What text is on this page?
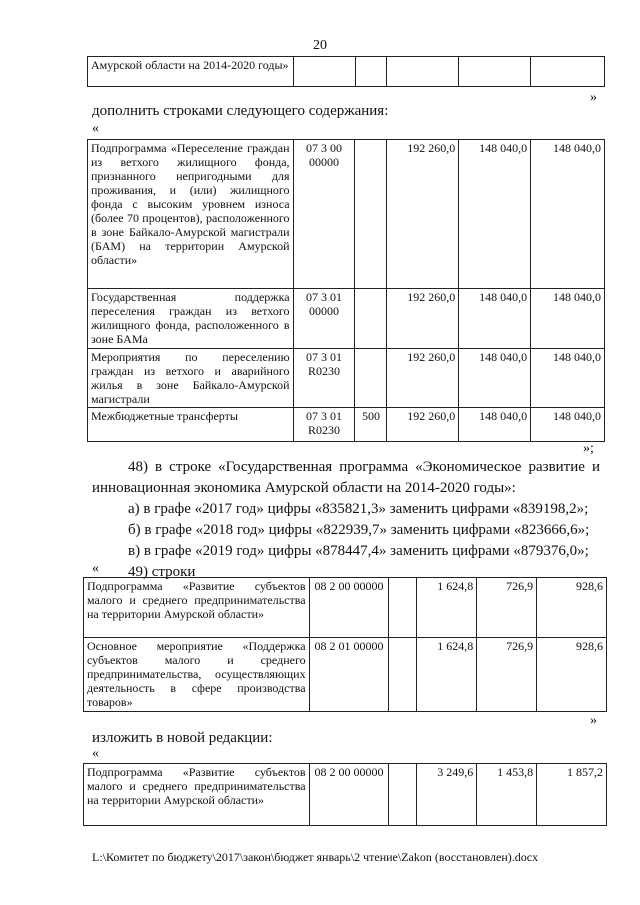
20
Амурской области на 2014-2020 годы»					
»
дополнить строками следующего содержания:
«
Подпрограмма «Переселение граждан из ветхого жилищного фонда, признанного непригодными для проживания, и (или) жилищного фонда с высоким уровнем износа (более 70 процентов), расположенного в зоне Байкало-Амурской магистрали (БАМ) на территории Амурской области»	07 3 00 00000		192 260,0	148 040,0	148 040,0
Государственная поддержка переселения граждан из ветхого жилищного фонда, расположенного в зоне БАМа	07 3 01 00000		192 260,0	148 040,0	148 040,0
Мероприятия по переселению граждан из ветхого и аварийного жилья в зоне Байкало-Амурской магистрали	07 3 01 R0230		192 260,0	148 040,0	148 040,0
Межбюджетные трансферты	07 3 01 R0230	500	192 260,0	148 040,0	148 040,0
»;
48) в строке «Государственная программа «Экономическое развитие и инновационная экономика Амурской области на 2014-2020 годы»:
а) в графе «2017 год» цифры «835821,3» заменить цифрами «839198,2»;
б) в графе «2018 год» цифры «822939,7» заменить цифрами «823666,6»;
в) в графе «2019 год» цифры «878447,4» заменить цифрами «879376,0»;
49) строки
«
Подпрограмма «Развитие субъектов малого и среднего предпринимательства на территории Амурской области»	08 2 00 00000		1 624,8	726,9	928,6
Основное мероприятие «Поддержка субъектов малого и среднего предпринимательства, осуществляющих деятельность в сфере производства товаров»	08 2 01 00000		1 624,8	726,9	928,6
»
изложить в новой редакции:
«
Подпрограмма «Развитие субъектов малого и среднего предпринимательства на территории Амурской области»	08 2 00 00000		3 249,6	1 453,8	1 857,2
L:\Комитет по бюджету\2017\закон\бюджет январь\2 чтение\Zakon (восстановлен).docx
